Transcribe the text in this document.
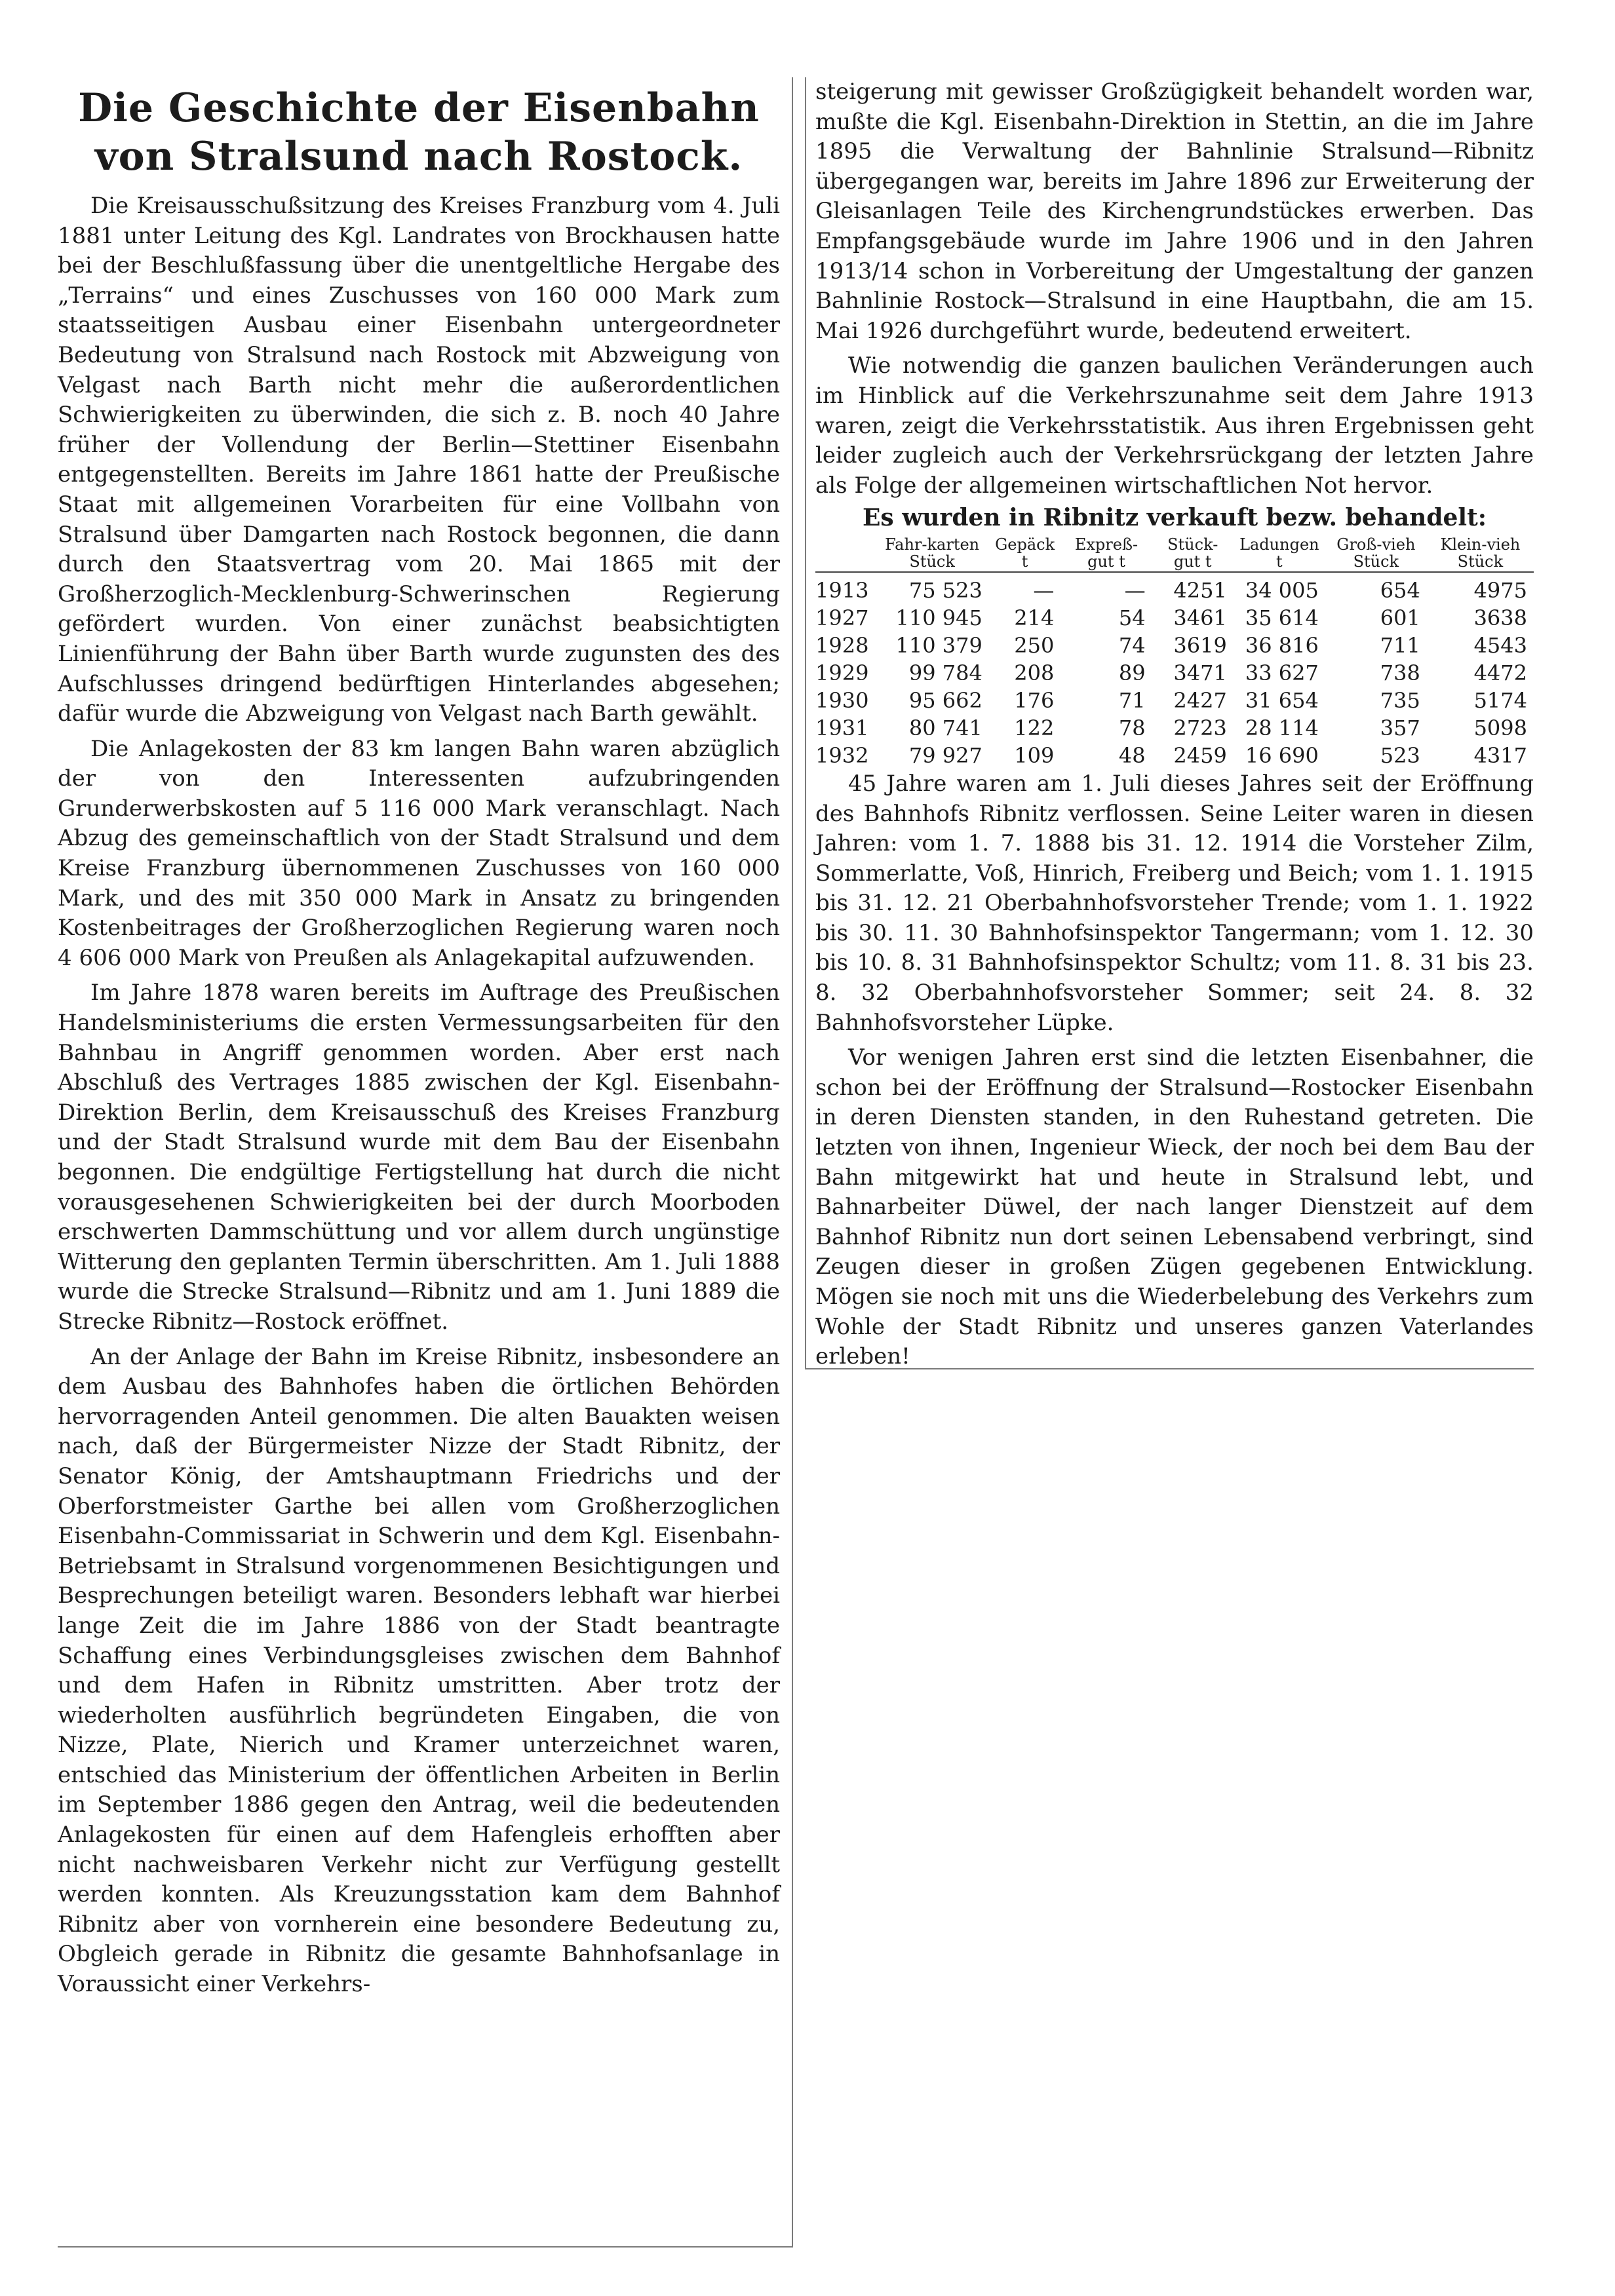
Die Geschichte der Eisenbahn von Stralsund nach Rostock.

Die Kreisausschußsitzung des Kreises Franzburg vom 4. Juli 1881 unter Leitung des Kgl. Landrates von Brockhausen hatte bei der Beschlußfassung über die unentgeltliche Hergabe des „Terrains“ und eines Zuschusses von 160 000 Mark zum staatsseitigen Ausbau einer Eisenbahn untergeordneter Bedeutung von Stralsund nach Rostock mit Abzweigung von Velgast nach Barth nicht mehr die außerordentlichen Schwierigkeiten zu überwinden, die sich z. B. noch 40 Jahre früher der Vollendung der Berlin—Stettiner Eisenbahn entgegenstellten. Bereits im Jahre 1861 hatte der Preußische Staat mit allgemeinen Vorarbeiten für eine Vollbahn von Stralsund über Damgarten nach Rostock begonnen, die dann durch den Staatsvertrag vom 20. Mai 1865 mit der Großherzoglich-Mecklenburg-Schwerinschen Regierung gefördert wurden. Von einer zunächst beabsichtigten Linienführung der Bahn über Barth wurde zugunsten des des Aufschlusses dringend bedürftigen Hinterlandes abgesehen; dafür wurde die Abzweigung von Velgast nach Barth gewählt.

Die Anlagekosten der 83 km langen Bahn waren abzüglich der von den Interessenten aufzubringenden Grunderwerbskosten auf 5 116 000 Mark veranschlagt. Nach Abzug des gemeinschaftlich von der Stadt Stralsund und dem Kreise Franzburg übernommenen Zuschusses von 160 000 Mark, und des mit 350 000 Mark in Ansatz zu bringenden Kostenbeitrages der Großherzoglichen Regierung waren noch 4 606 000 Mark von Preußen als Anlagekapital aufzuwenden.

Im Jahre 1878 waren bereits im Auftrage des Preußischen Handelsministeriums die ersten Vermessungsarbeiten für den Bahnbau in Angriff genommen worden. Aber erst nach Abschluß des Vertrages 1885 zwischen der Kgl. Eisenbahn-Direktion Berlin, dem Kreisausschuß des Kreises Franzburg und der Stadt Stralsund wurde mit dem Bau der Eisenbahn begonnen. Die endgültige Fertigstellung hat durch die nicht vorausgesehenen Schwierigkeiten bei der durch Moorboden erschwerten Dammschüttung und vor allem durch ungünstige Witterung den geplanten Termin überschritten. Am 1. Juli 1888 wurde die Strecke Stralsund—Ribnitz und am 1. Juni 1889 die Strecke Ribnitz—Rostock eröffnet.

An der Anlage der Bahn im Kreise Ribnitz, insbesondere an dem Ausbau des Bahnhofes haben die örtlichen Behörden hervorragenden Anteil genommen. Die alten Bauakten weisen nach, daß der Bürgermeister Nizze der Stadt Ribnitz, der Senator König, der Amtshauptmann Friedrichs und der Oberforstmeister Garthe bei allen vom Großherzoglichen Eisenbahn-Commissariat in Schwerin und dem Kgl. Eisenbahn-Betriebsamt in Stralsund vorgenommenen Besichtigungen und Besprechungen beteiligt waren. Besonders lebhaft war hierbei lange Zeit die im Jahre 1886 von der Stadt beantragte Schaffung eines Verbindungsgleises zwischen dem Bahnhof und dem Hafen in Ribnitz umstritten. Aber trotz der wiederholten ausführlich begründeten Eingaben, die von Nizze, Plate, Nierich und Kramer unterzeichnet waren, entschied das Ministerium der öffentlichen Arbeiten in Berlin im September 1886 gegen den Antrag, weil die bedeutenden Anlagekosten für einen auf dem Hafengleis erhofften aber nicht nachweisbaren Verkehr nicht zur Verfügung gestellt werden konnten. Als Kreuzungsstation kam dem Bahnhof Ribnitz aber von vornherein eine besondere Bedeutung zu, Obgleich gerade in Ribnitz die gesamte Bahnhofsanlage in Voraussicht einer Verkehrs-

steigerung mit gewisser Großzügigkeit behandelt worden war, mußte die Kgl. Eisenbahn-Direktion in Stettin, an die im Jahre 1895 die Verwaltung der Bahnlinie Stralsund—Ribnitz übergegangen war, bereits im Jahre 1896 zur Erweiterung der Gleisanlagen Teile des Kirchengrundstückes erwerben. Das Empfangsgebäude wurde im Jahre 1906 und in den Jahren 1913/14 schon in Vorbereitung der Umgestaltung der ganzen Bahnlinie Rostock—Stralsund in eine Hauptbahn, die am 15. Mai 1926 durchgeführt wurde, bedeutend erweitert.

Wie notwendig die ganzen baulichen Veränderungen auch im Hinblick auf die Verkehrszunahme seit dem Jahre 1913 waren, zeigt die Verkehrsstatistik. Aus ihren Ergebnissen geht leider zugleich auch der Verkehrsrückgang der letzten Jahre als Folge der allgemeinen wirtschaftlichen Not hervor.

Es wurden in Ribnitz verkauft bezw. behandelt:
	Fahr-karten Stück	Gepäck t	Expreß-gut t	Stück-gut t	Ladungen t	Groß-vieh Stück	Klein-vieh Stück
1913	75 523	—	—	4251	34 005	654	4975
1927	110 945	214	54	3461	35 614	601	3638
1928	110 379	250	74	3619	36 816	711	4543
1929	99 784	208	89	3471	33 627	738	4472
1930	95 662	176	71	2427	31 654	735	5174
1931	80 741	122	78	2723	28 114	357	5098
1932	79 927	109	48	2459	16 690	523	4317

45 Jahre waren am 1. Juli dieses Jahres seit der Eröffnung des Bahnhofs Ribnitz verflossen. Seine Leiter waren in diesen Jahren: vom 1. 7. 1888 bis 31. 12. 1914 die Vorsteher Zilm, Sommerlatte, Voß, Hinrich, Freiberg und Beich; vom 1. 1. 1915 bis 31. 12. 21 Oberbahnhofsvorsteher Trende; vom 1. 1. 1922 bis 30. 11. 30 Bahnhofsinspektor Tangermann; vom 1. 12. 30 bis 10. 8. 31 Bahnhofsinspektor Schultz; vom 11. 8. 31 bis 23. 8. 32 Oberbahnhofsvorsteher Sommer; seit 24. 8. 32 Bahnhofsvorsteher Lüpke.

Vor wenigen Jahren erst sind die letzten Eisenbahner, die schon bei der Eröffnung der Stralsund—Rostocker Eisenbahn in deren Diensten standen, in den Ruhestand getreten. Die letzten von ihnen, Ingenieur Wieck, der noch bei dem Bau der Bahn mitgewirkt hat und heute in Stralsund lebt, und Bahnarbeiter Düwel, der nach langer Dienstzeit auf dem Bahnhof Ribnitz nun dort seinen Lebensabend verbringt, sind Zeugen dieser in großen Zügen gegebenen Entwicklung. Mögen sie noch mit uns die Wiederbelebung des Verkehrs zum Wohle der Stadt Ribnitz und unseres ganzen Vaterlandes erleben!
